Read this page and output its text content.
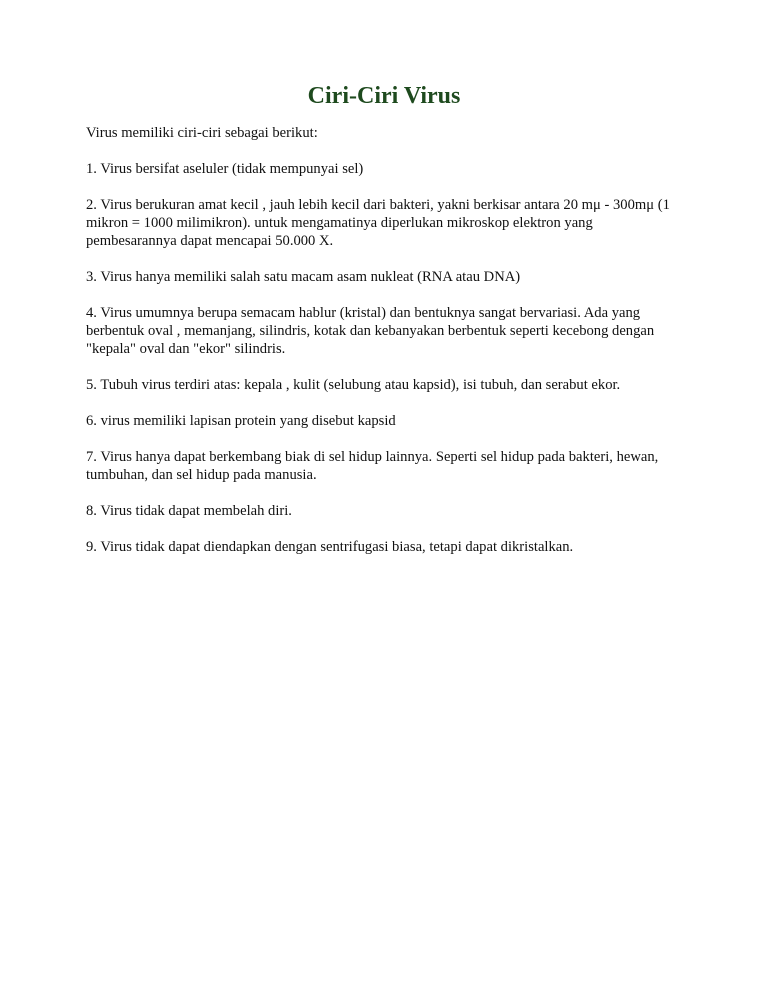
Ciri-Ciri Virus

Virus memiliki ciri-ciri sebagai berikut:

1. Virus bersifat aseluler (tidak mempunyai sel)

2. Virus berukuran amat kecil , jauh lebih kecil dari bakteri, yakni berkisar antara 20 mμ - 300mμ (1 mikron = 1000 milimikron). untuk mengamatinya diperlukan mikroskop elektron yang pembesarannya dapat mencapai 50.000 X.

3. Virus hanya memiliki salah satu macam asam nukleat (RNA atau DNA)

4. Virus umumnya berupa semacam hablur (kristal) dan bentuknya sangat bervariasi. Ada yang berbentuk oval , memanjang, silindris, kotak dan kebanyakan berbentuk seperti kecebong dengan "kepala" oval dan "ekor" silindris.

5. Tubuh virus terdiri atas: kepala , kulit (selubung atau kapsid), isi tubuh, dan serabut ekor.

6. virus memiliki lapisan protein yang disebut kapsid

7. Virus hanya dapat berkembang biak di sel hidup lainnya. Seperti sel hidup pada bakteri, hewan, tumbuhan, dan sel hidup pada manusia.

8. Virus tidak dapat membelah diri.

9. Virus tidak dapat diendapkan dengan sentrifugasi biasa, tetapi dapat dikristalkan.
